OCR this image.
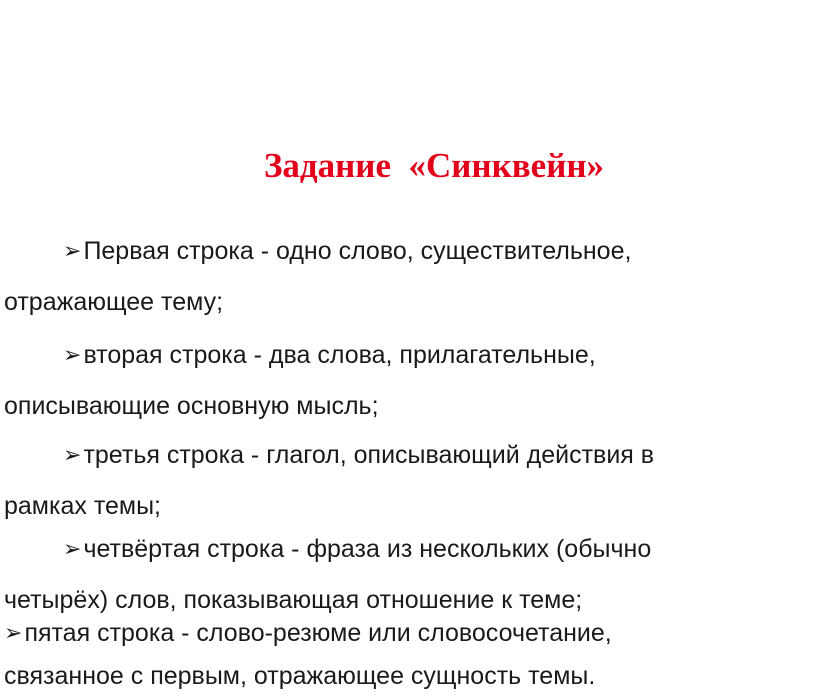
Задание  «Синквейн»
➢Первая строка - одно слово, существительное,
отражающее тему;
➢вторая строка - два слова, прилагательные,
описывающие основную мысль;
➢третья строка - глагол, описывающий действия в
рамках темы;
➢четвёртая строка - фраза из нескольких (обычно
четырёх) слов, показывающая отношение к теме;
➢пятая строка - слово-резюме или словосочетание,
связанное с первым, отражающее сущность темы.
